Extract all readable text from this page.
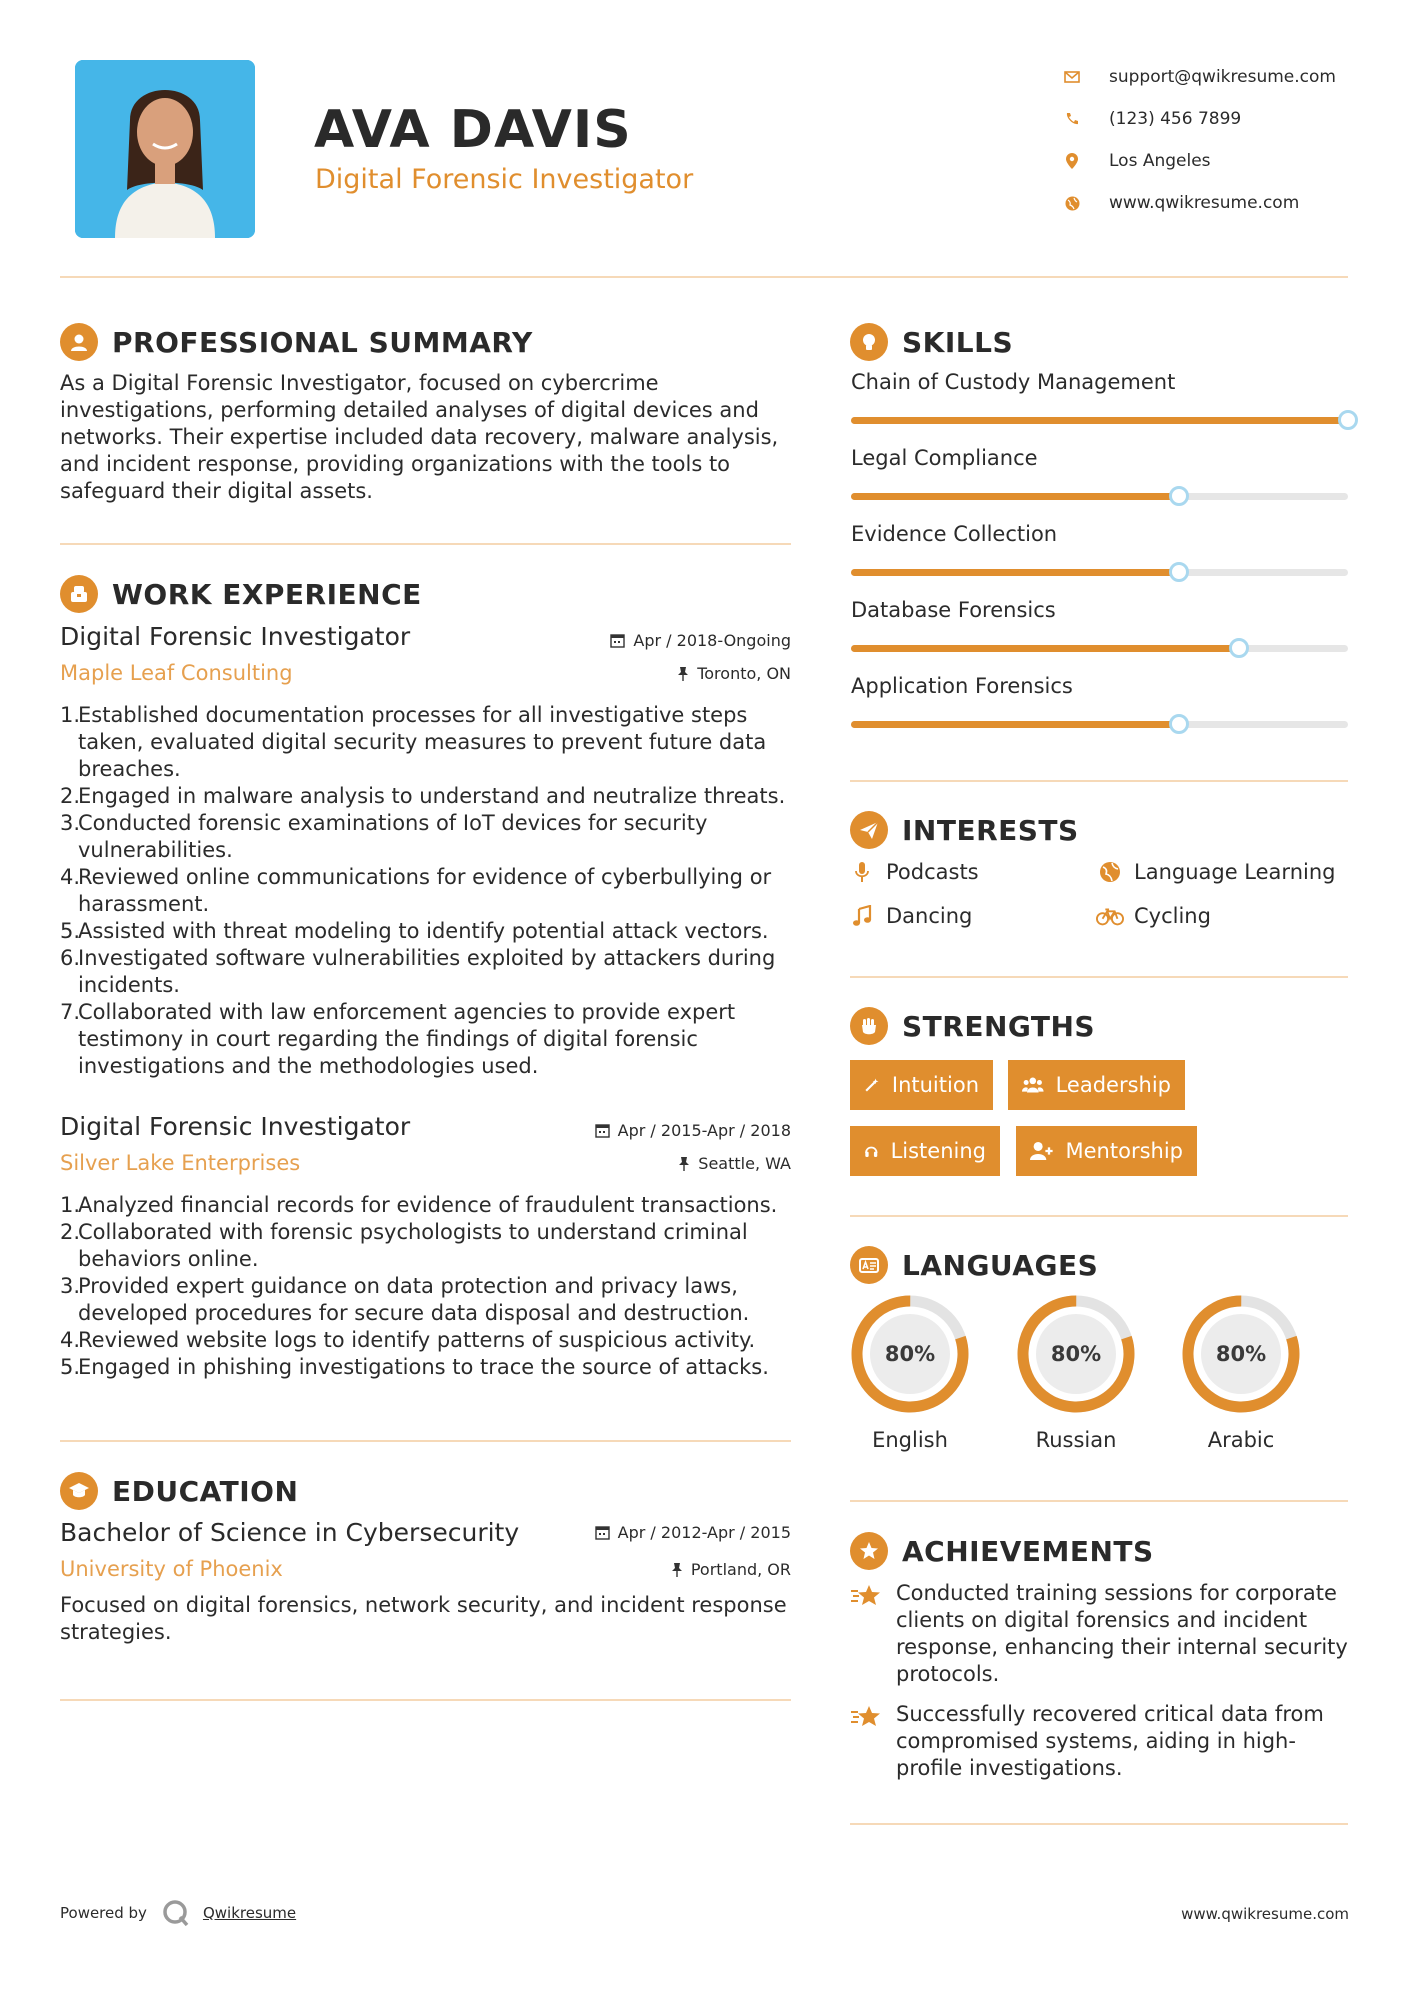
AVA DAVIS
Digital Forensic Investigator
support@qwikresume.com
(123) 456 7899
Los Angeles
www.qwikresume.com
PROFESSIONAL SUMMARY
As a Digital Forensic Investigator, focused on cybercrime
investigations, performing detailed analyses of digital devices and
networks. Their expertise included data recovery, malware analysis,
and incident response, providing organizations with the tools to
safeguard their digital assets.
WORK EXPERIENCE
Digital Forensic Investigator
Maple Leaf Consulting
Apr / 2018-Ongoing
Toronto, ON
1.
Established documentation processes for all investigative steps
taken, evaluated digital security measures to prevent future data
breaches.
2.
Engaged in malware analysis to understand and neutralize threats.
3.
Conducted forensic examinations of IoT devices for security
vulnerabilities.
4.
Reviewed online communications for evidence of cyberbullying or
harassment.
5.
Assisted with threat modeling to identify potential attack vectors.
6.
Investigated software vulnerabilities exploited by attackers during
incidents.
7.
Collaborated with law enforcement agencies to provide expert
testimony in court regarding the findings of digital forensic
investigations and the methodologies used.
Digital Forensic Investigator
Silver Lake Enterprises
Apr / 2015-Apr / 2018
Seattle, WA
1.
Analyzed financial records for evidence of fraudulent transactions.
2.
Collaborated with forensic psychologists to understand criminal
behaviors online.
3.
Provided expert guidance on data protection and privacy laws,
developed procedures for secure data disposal and destruction.
4.
Reviewed website logs to identify patterns of suspicious activity.
5.
Engaged in phishing investigations to trace the source of attacks.
EDUCATION
Bachelor of Science in Cybersecurity
University of Phoenix
Apr / 2012-Apr / 2015
Portland, OR
Focused on digital forensics, network security, and incident response
strategies.
SKILLS
Chain of Custody Management
Legal Compliance
Evidence Collection
Database Forensics
Application Forensics
INTERESTS
Podcasts	Language Learning
Dancing	Cycling
STRENGTHS
Intuition	Leadership
Listening	Mentorship
LANGUAGES
80%
English
80%
Russian
80%
Arabic
ACHIEVEMENTS
Conducted training sessions for corporate
clients on digital forensics and incident
response, enhancing their internal security
protocols.
Successfully recovered critical data from
compromised systems, aiding in high-
profile investigations.
Powered by	Qwikresume	www.qwikresume.com
